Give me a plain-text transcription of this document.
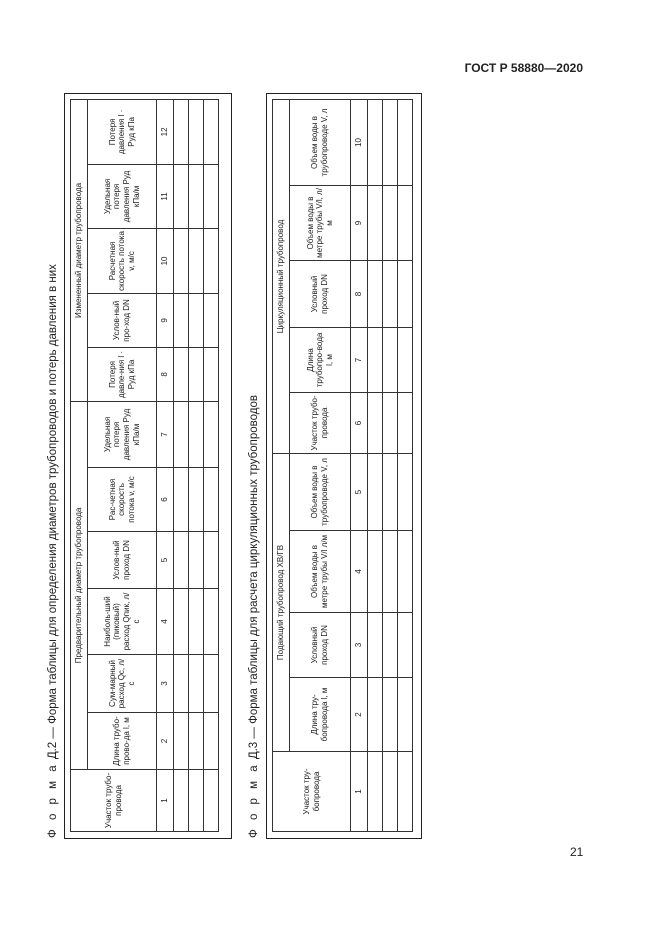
ГОСТ Р 58880—2020
Ф о р м а Д.2 — Форма таблицы для определения диаметров трубопроводов и потерь давления в них
Участок трубо-провода	Предварительный диаметр трубопровода						Измененный диаметр трубопровода				
	Длина трубо-прово-да l, м	Сум-марный расход Qc, л/с	Наиболь-ший (пиковый) расход Qпик, л/с	Услов-ный проход DN	Рас-четная скорость потока v, м/с	Удельная потеря давления Руд кПа/м	Потеря давле-ния l · Руд кПа	Услов-ный про-ход DN	Расчетная скорость потока v, м/с	Удельная потеря давления Руд кПа/м	Потеря давления l · Руд кПа
1	2	3	4	5	6	7	8	9	10	11	12

Ф о р м а Д.3 — Форма таблицы для расчета циркуляционных трубопроводов
Участок тру-бопровода	Подающий трубопровод ХВ/ГВ				Циркуляционный трубопровод				
	Длина тру-бопровода l, м	Условный проход DN	Объем воды в метре трубы V/l л/м	Объем воды в трубопроводе V, л	Участок трубо-провода	Длина трубопро-вода l, м	Условный проход DN	Объем воды в метре трубы V/l, л/м	Объем воды в трубопроводе V, л
1	2	3	4	5	6	7	8	9	10

21
